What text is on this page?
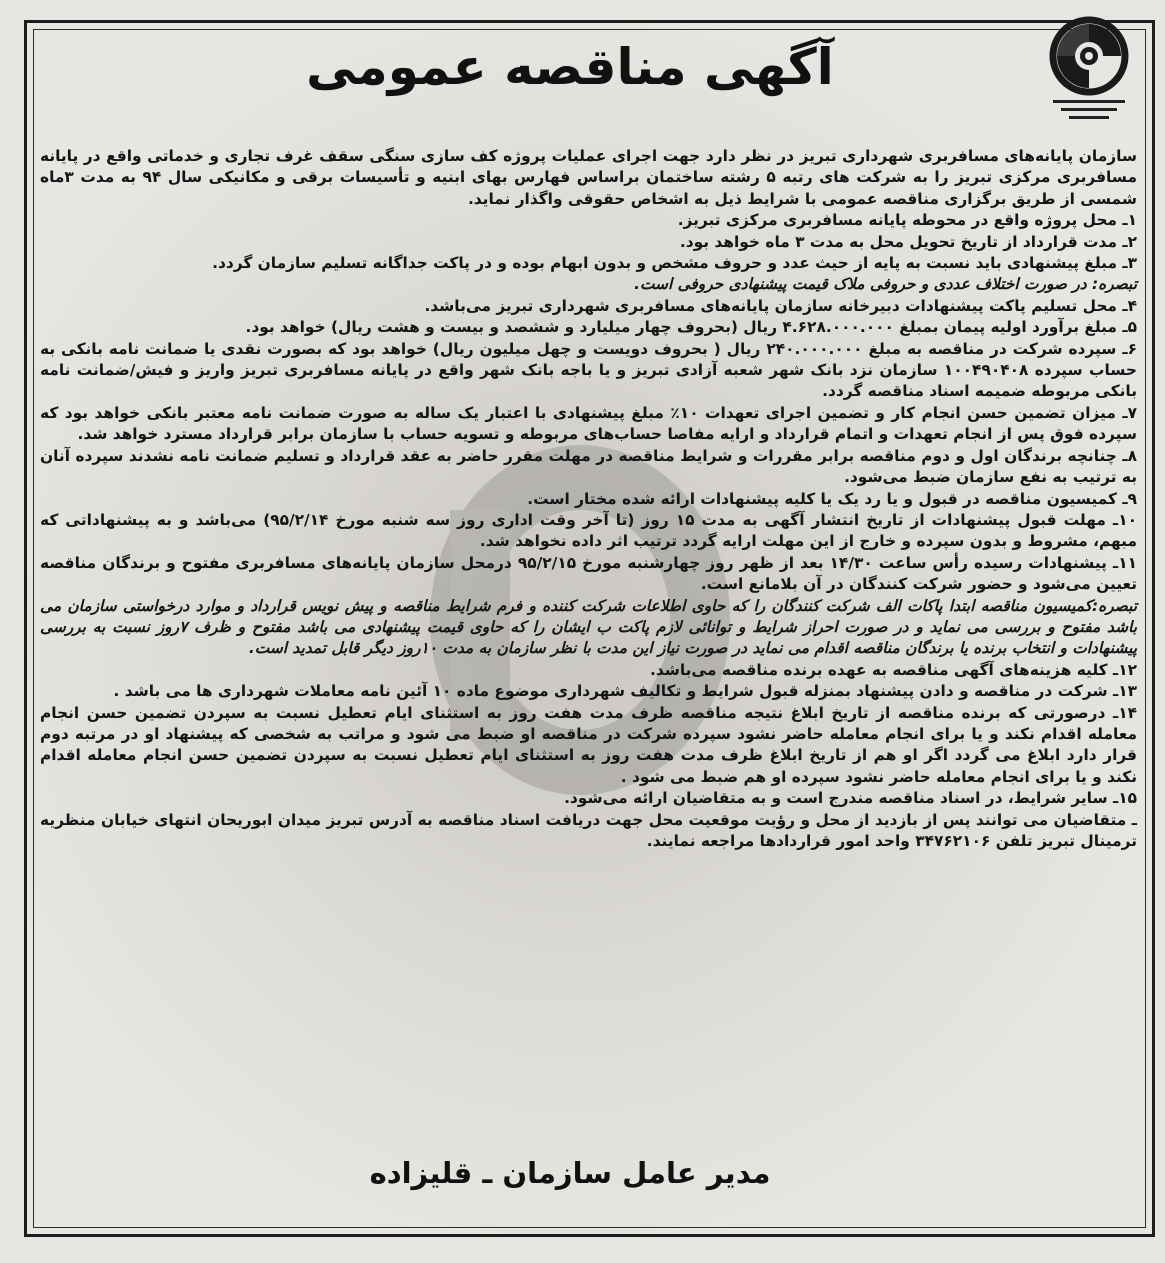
آگهی مناقصه عمومی

سازمان پایانه‌های مسافربری شهرداری تبریز در نظر دارد جهت اجرای عملیات پروژه کف سازی سنگی سقف غرف تجاری و خدماتی واقع در پایانه مسافربری مرکزی تبریز را به شرکت های رتبه ۵ رشته ساختمان براساس فهارس بهای ابنیه و تأسیسات برقی و مکانیکی سال ۹۴ به مدت ۳ماه شمسی از طریق برگزاری مناقصه عمومی با شرایط ذیل به اشخاص حقوقی واگذار نماید.

۱ـ محل پروژه واقع در محوطه پایانه مسافربری مرکزی تبریز.

۲ـ مدت قرارداد از تاریخ تحویل محل به مدت ۳ ماه خواهد بود.

۳ـ مبلغ پیشنهادی باید نسبت به پایه از حیث عدد و حروف مشخص و بدون ابهام بوده و در پاکت جداگانه تسلیم سازمان گردد.

تبصره: در صورت اختلاف عددی و حروفی ملاک قیمت پیشنهادی حروفی است.

۴ـ محل تسلیم پاکت پیشنهادات دبیرخانه سازمان پایانه‌های مسافربری شهرداری تبریز می‌باشد.

۵ـ مبلغ برآورد اولیه پیمان بمبلغ ۴.۶۲۸.۰۰۰.۰۰۰ ریال (بحروف چهار میلیارد و ششصد و بیست و هشت ریال) خواهد بود.

۶ـ سپرده شرکت در مناقصه به مبلغ ۲۴۰.۰۰۰.۰۰۰ ریال ( بحروف دویست و چهل میلیون ریال) خواهد بود که بصورت نقدی یا ضمانت نامه بانکی به حساب سپرده ۱۰۰۴۹۰۴۰۸ سازمان نزد بانک شهر شعبه آزادی تبریز و یا باجه بانک شهر واقع در پایانه مسافربری تبریز واریز و فیش/ضمانت نامه بانکی مربوطه ضمیمه اسناد مناقصه گردد.

۷ـ میزان تضمین حسن انجام کار و تضمین اجرای تعهدات ۱۰٪ مبلغ پیشنهادی با اعتبار یک ساله به صورت ضمانت نامه معتبر بانکی خواهد بود که سپرده فوق پس از انجام تعهدات و اتمام قرارداد و ارایه مفاصا حساب‌های مربوطه و تسویه حساب با سازمان برابر قرارداد مسترد خواهد شد.

۸ـ چنانچه برندگان اول و دوم مناقصه برابر مقررات و شرایط مناقصه در مهلت مقرر حاضر به عقد قرارداد و تسلیم ضمانت نامه نشدند سپرده آنان به ترتیب به نفع سازمان ضبط می‌شود.

۹ـ کمیسیون مناقصه در قبول و یا رد یک یا کلیه پیشنهادات ارائه شده مختار است.

۱۰ـ مهلت قبول پیشنهادات از تاریخ انتشار آگهی به مدت ۱۵ روز (تا آخر وقت اداری روز سه شنبه مورخ ۹۵/۲/۱۴) می‌باشد و به پیشنهاداتی که مبهم، مشروط و بدون سپرده و خارج از این مهلت ارایه گردد ترتیب اثر داده نخواهد شد.

۱۱ـ پیشنهادات رسیده رأس ساعت ۱۴/۳۰ بعد از ظهر روز چهارشنبه مورخ ۹۵/۲/۱۵ درمحل سازمان پایانه‌های مسافربری مفتوح و برندگان مناقصه تعیین می‌شود و حضور شرکت کنندگان در آن بلامانع است.

تبصره:کمیسیون مناقصه ابتدا پاکات الف شرکت کنندگان را که حاوی اطلاعات شرکت کننده و فرم شرایط مناقصه و پیش نویس قرارداد و موارد درخواستی سازمان می باشد مفتوح و بررسی می نماید و در صورت احراز شرایط و توانائی لازم پاکت ب ایشان را که حاوی قیمت پیشنهادی می باشد مفتوح و ظرف ۷روز نسبت به بررسی پیشنهادات و انتخاب برنده یا برندگان مناقصه اقدام می نماید در صورت نیاز این مدت با نظر سازمان به مدت ۱۰روز دیگر قابل تمدید است.

۱۲ـ کلیه هزینه‌های آگهی مناقصه به عهده برنده مناقصه می‌باشد.

۱۳ـ شرکت در مناقصه و دادن پیشنهاد بمنزله قبول شرایط و تکالیف شهرداری موضوع ماده ۱۰ آئین نامه معاملات شهرداری ها می باشد .

۱۴ـ درصورتی که برنده مناقصه از تاریخ ابلاغ نتیجه مناقصه ظرف مدت هفت روز به استثنای ایام تعطیل نسبت به سپردن تضمین حسن انجام معامله اقدام نکند و یا برای انجام معامله حاضر نشود سپرده شرکت در مناقصه او ضبط می شود و مراتب به شخصی که پیشنهاد او در مرتبه دوم قرار دارد ابلاغ می گردد اگر او هم از تاریخ ابلاغ ظرف مدت هفت روز به استثنای ایام تعطیل نسبت به سپردن تضمین حسن انجام معامله اقدام نکند و یا برای انجام معامله حاضر نشود سپرده او هم ضبط می شود .

۱۵ـ سایر شرایط، در اسناد مناقصه مندرج است و به متقاضیان ارائه می‌شود.

ـ متقاضیان می توانند پس از بازدید از محل و رؤیت موقعیت محل جهت دریافت اسناد مناقصه به آدرس تبریز میدان ابوریحان انتهای خیابان منظریه ترمینال تبریز تلفن ۳۴۷۶۲۱۰۶ واحد امور قراردادها مراجعه نمایند.

مدیر عامل سازمان ـ قلیزاده
